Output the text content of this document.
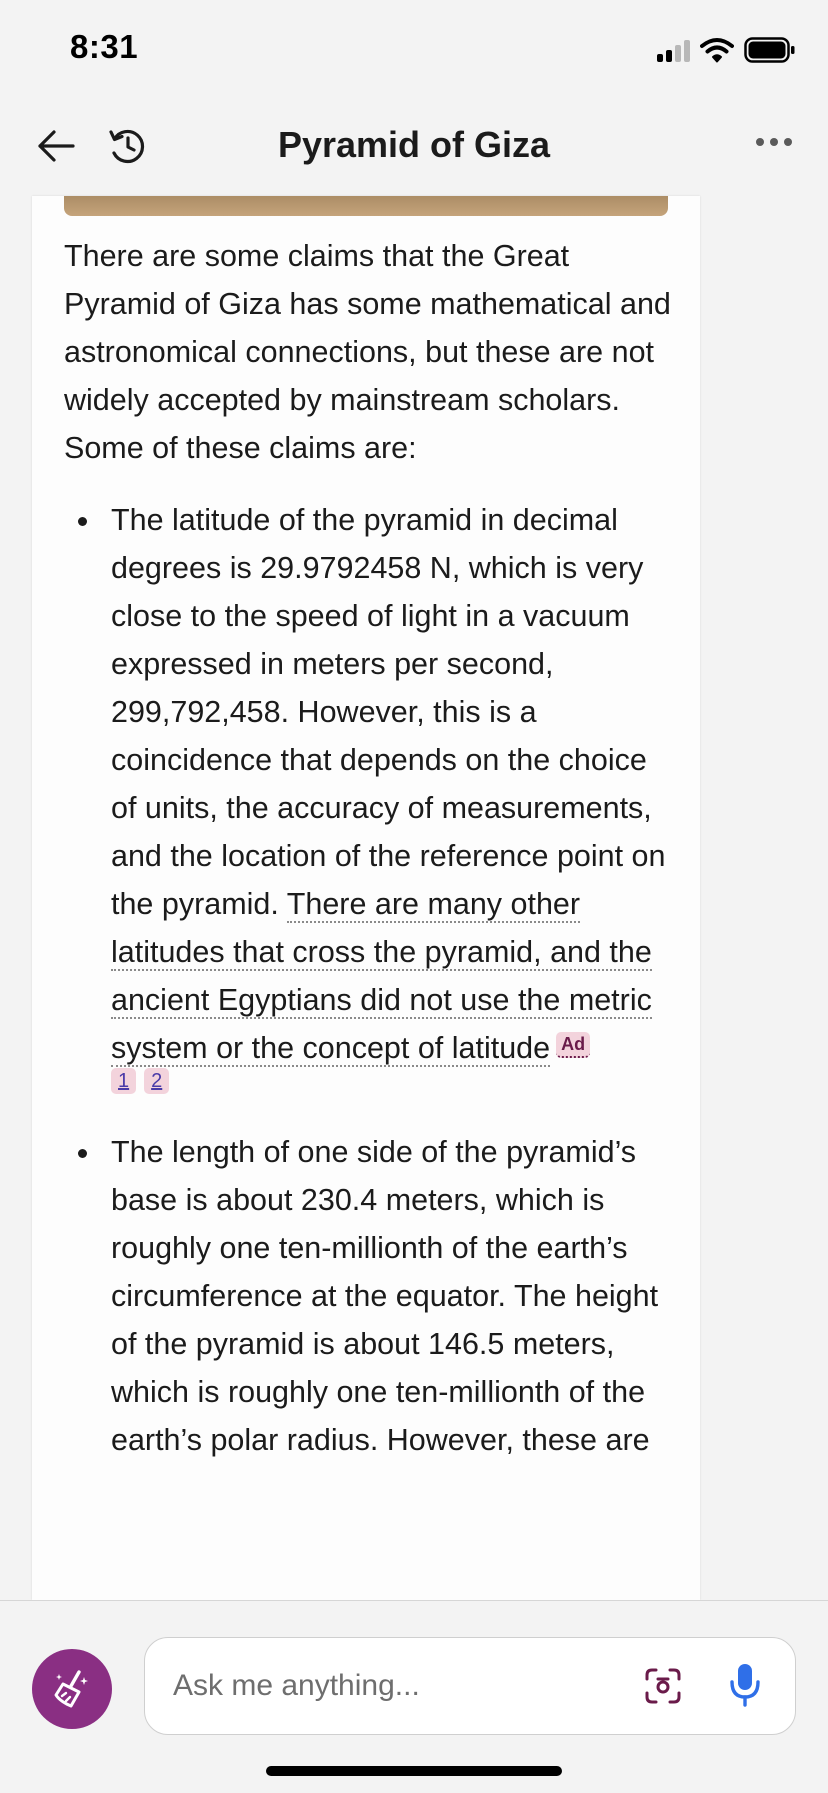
8:31
Pyramid of Giza

There are some claims that the Great Pyramid of Giza has some mathematical and astronomical connections, but these are not widely accepted by mainstream scholars. Some of these claims are:

The latitude of the pyramid in decimal degrees is 29.9792458 N, which is very close to the speed of light in a vacuum expressed in meters per second, 299,792,458. However, this is a coincidence that depends on the choice of units, the accuracy of measurements, and the location of the reference point on the pyramid. There are many other latitudes that cross the pyramid, and the ancient Egyptians did not use the metric system or the concept of latitude Ad
1	2
The length of one side of the pyramid’s base is about 230.4 meters, which is roughly one ten-millionth of the earth’s circumference at the equator. The height of the pyramid is about 146.5 meters, which is roughly one ten-millionth of the earth’s polar radius. However, these are
Ask me anything...
